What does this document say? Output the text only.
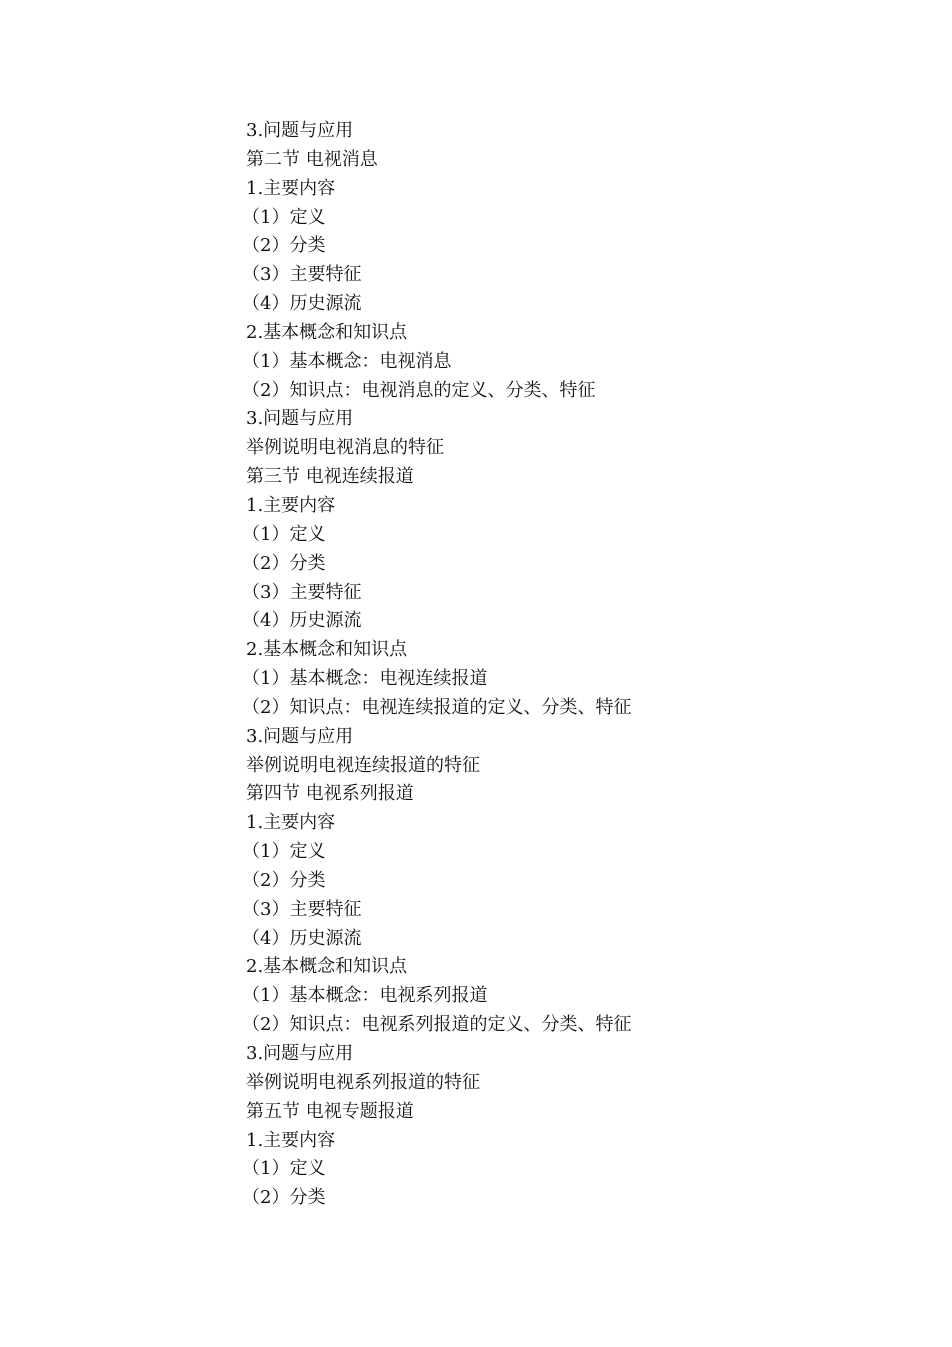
3.问题与应用
第二节 电视消息
1.主要内容
（1）定义
（2）分类
（3）主要特征
（4）历史源流
2.基本概念和知识点
（1）基本概念：电视消息
（2）知识点：电视消息的定义、分类、特征
3.问题与应用
举例说明电视消息的特征
第三节 电视连续报道
1.主要内容
（1）定义
（2）分类
（3）主要特征
（4）历史源流
2.基本概念和知识点
（1）基本概念：电视连续报道
（2）知识点：电视连续报道的定义、分类、特征
3.问题与应用
举例说明电视连续报道的特征
第四节 电视系列报道
1.主要内容
（1）定义
（2）分类
（3）主要特征
（4）历史源流
2.基本概念和知识点
（1）基本概念：电视系列报道
（2）知识点：电视系列报道的定义、分类、特征
3.问题与应用
举例说明电视系列报道的特征
第五节 电视专题报道
1.主要内容
（1）定义
（2）分类
